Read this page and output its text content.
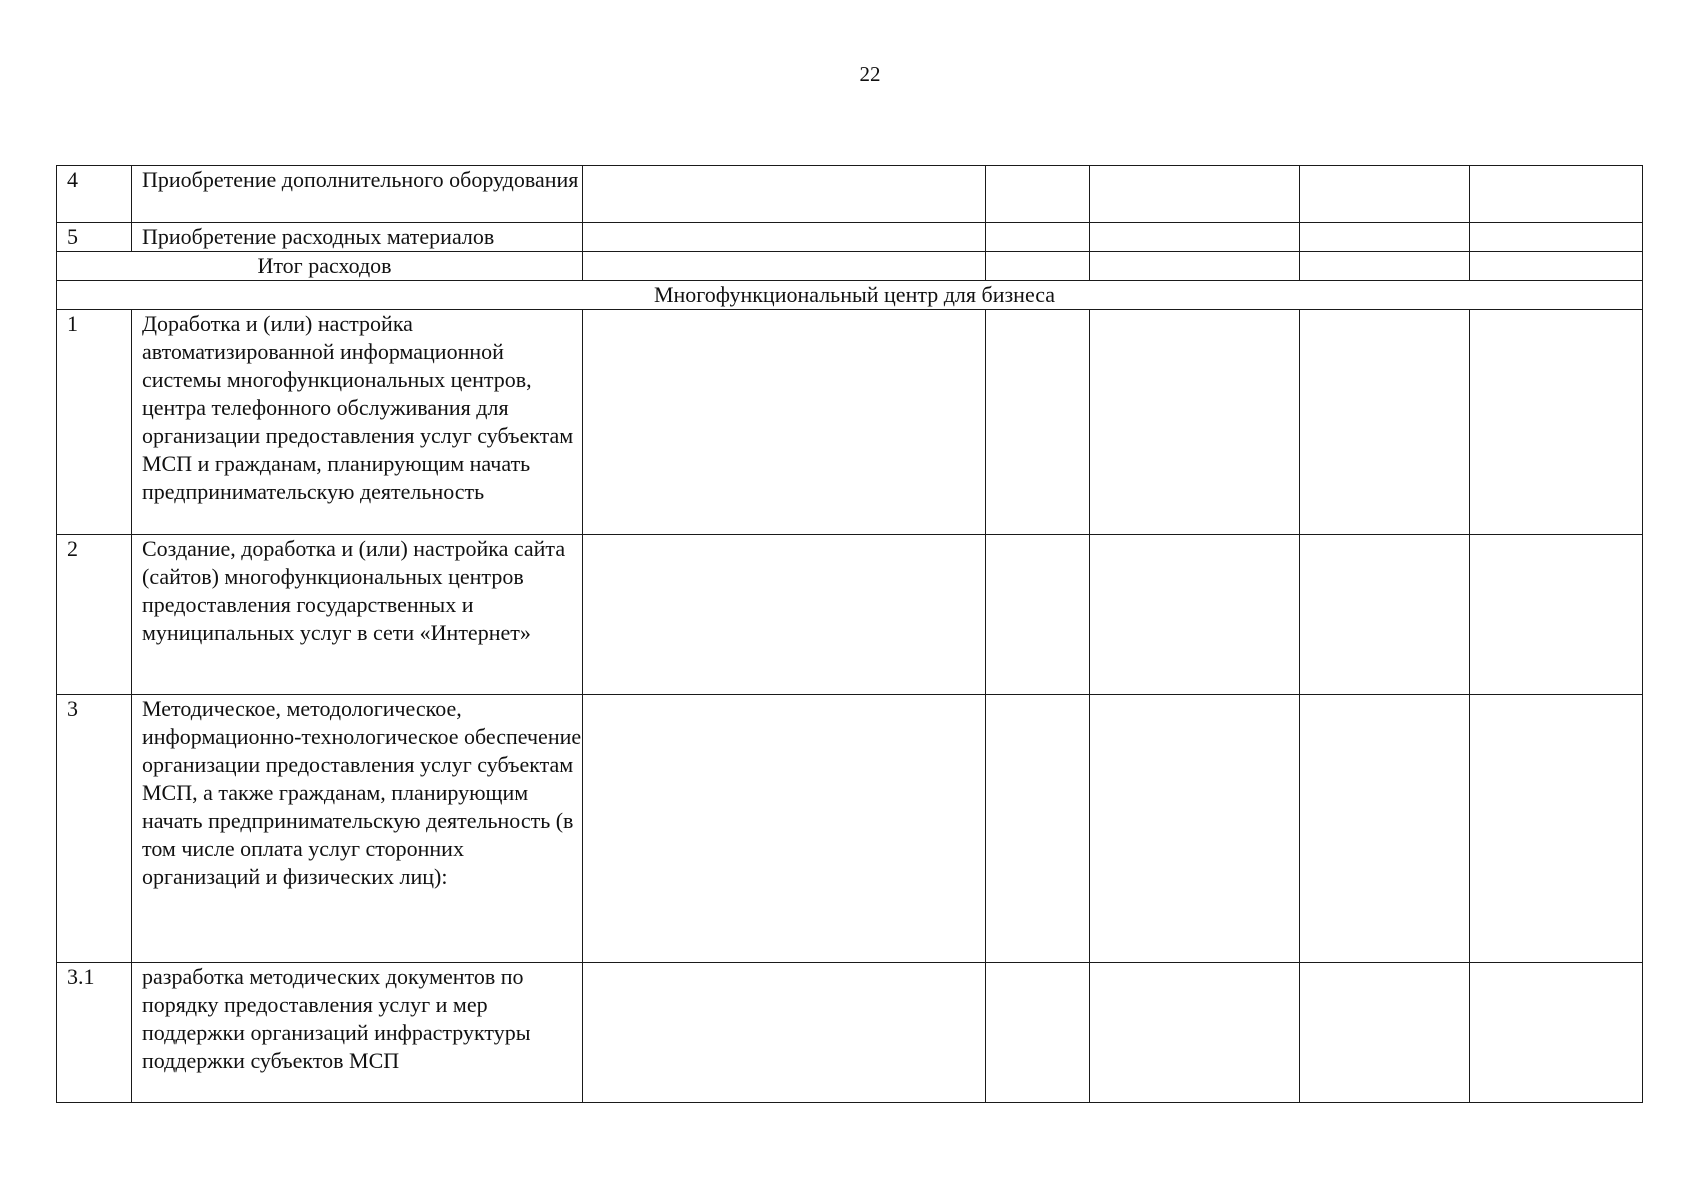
22
4	Приобретение дополнительного оборудования					

5	Приобретение расходных материалов					

Итог расходов						
Многофункциональный центр для бизнеса						
1	Доработка и (или) настройка автоматизированной информационной системы многофункциональных центров, центра телефонного обслуживания для организации предоставления услуг субъектам МСП и гражданам, планирующим начать предпринимательскую деятельность					

2	Создание, доработка и (или) настройка сайта (сайтов) многофункциональных центров предоставления государственных и муниципальных услуг в сети «Интернет»					

3	Методическое, методологическое, информационно-технологическое обеспечение организации предоставления услуг субъектам МСП, а также гражданам, планирующим начать предпринимательскую деятельность (в том числе оплата услуг сторонних организаций и физических лиц):					

3.1	разработка методических документов по порядку предоставления услуг и мер поддержки организаций инфраструктуры поддержки субъектов МСП					
